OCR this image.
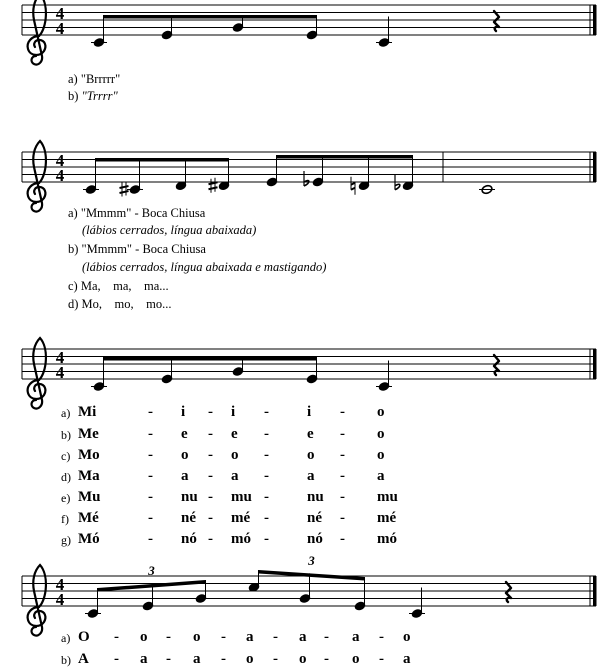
4
4
4
4
4
4
4
4
3
3
a) "Brrrrr"
b) "Trrrr"
a) "Mmmm" - Boca Chiusa
(lábios cerrados, língua abaixada)
b) "Mmmm" - Boca Chiusa
(lábios cerrados, língua abaixada e mastigando)
c) Ma,    ma,    ma...
d) Mo,    mo,    mo...
a) Mi	- i - i -	i - o
b) Me	- e - e -	e - o
c) Mo	- o - o -	o - o
d) Ma	- a - a -	a - a
e) Mu	- nu - mu -	nu - mu
f) Mé	- né - mé -	né - mé
g) Mó	- nó - mó -	nó - mó
a) O - o - o - a - a - a - o
b) A - a - a - o - o - o - a
